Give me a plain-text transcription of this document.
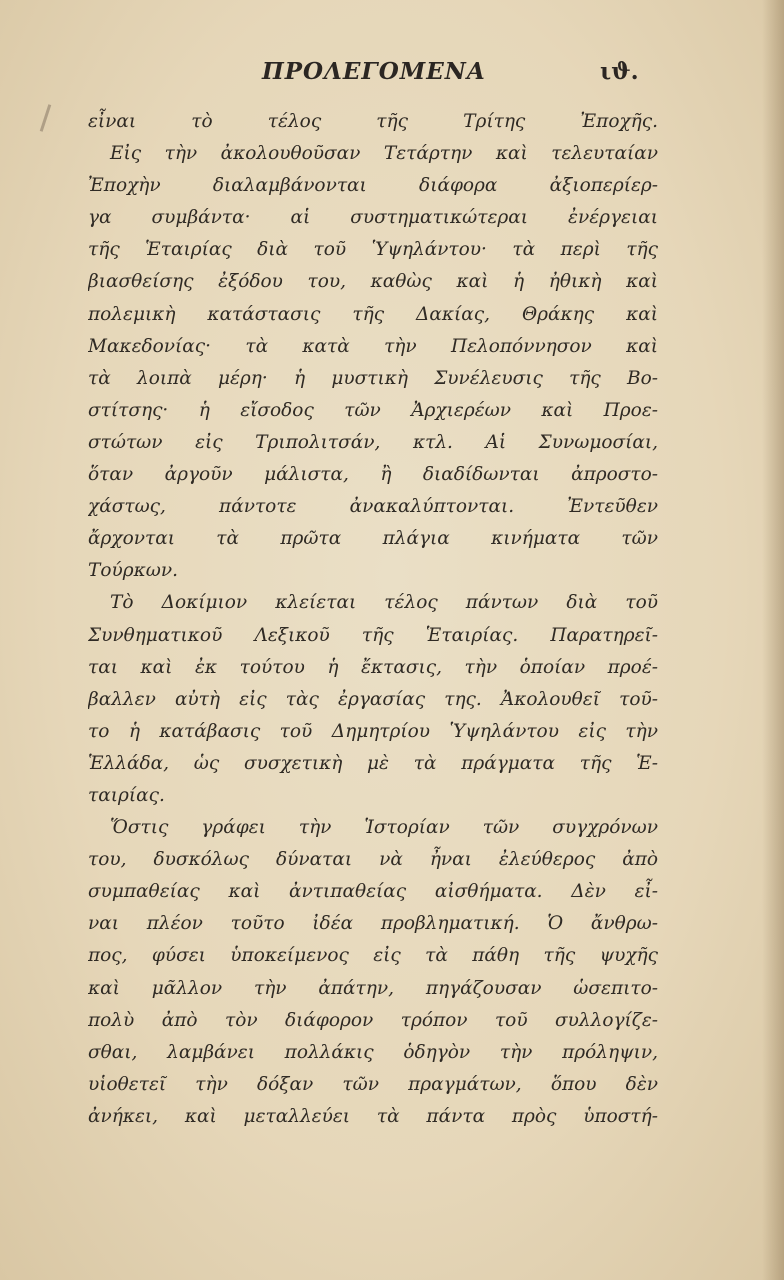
ΠΡΟΛΕΓΟΜΕΝΑ	ιϑ.
εἶναι τὸ τέλος τῆς Τρίτης Ἐποχῆς.
Εἰς τὴν ἀκολουθοῦσαν Τετάρτην καὶ τελευταίαν
Ἐποχὴν διαλαμβάνονται διάφορα ἀξιοπερίερ-
γα συμβάντα· αἱ συστηματικώτεραι ἐνέργειαι
τῆς Ἑταιρίας διὰ τοῦ Ὑψηλάντου· τὰ περὶ τῆς
βιασθείσης ἐξόδου του, καθὼς καὶ ἡ ἠθικὴ καὶ
πολεμικὴ κατάστασις τῆς Δακίας, Θράκης καὶ
Μακεδονίας· τὰ κατὰ τὴν Πελοπόννησον καὶ
τὰ λοιπὰ μέρη· ἡ μυστικὴ Συνέλευσις τῆς Βο-
στίτσης· ἡ εἴσοδος τῶν Ἀρχιερέων καὶ Προε-
στώτων εἰς Τριπολιτσάν, κτλ. Αἱ Συνωμοσίαι,
ὅταν ἀργοῦν μάλιστα, ἢ διαδίδωνται ἀπροστο-
χάστως, πάντοτε ἀνακαλύπτονται. Ἐντεῦθεν
ἄρχονται τὰ πρῶτα πλάγια κινήματα τῶν
Τούρκων.
Τὸ Δοκίμιον κλείεται τέλος πάντων διὰ τοῦ
Συνθηματικοῦ Λεξικοῦ τῆς Ἑταιρίας. Παρατηρεῖ-
ται καὶ ἐκ τούτου ἡ ἔκτασις, τὴν ὁποίαν προέ-
βαλλεν αὐτὴ εἰς τὰς ἐργασίας της. Ἀκολουθεῖ τοῦ-
το ἡ κατάβασις τοῦ Δημητρίου Ὑψηλάντου εἰς τὴν
Ἑλλάδα, ὡς συσχετικὴ μὲ τὰ πράγματα τῆς Ἑ-
ταιρίας.
Ὅστις γράφει τὴν Ἱστορίαν τῶν συγχρόνων
του, δυσκόλως δύναται νὰ ἦναι ἐλεύθερος ἀπὸ
συμπαθείας καὶ ἀντιπαθείας αἰσθήματα. Δὲν εἶ-
ναι πλέον τοῦτο ἰδέα προβληματική. Ὁ ἄνθρω-
πος, φύσει ὑποκείμενος εἰς τὰ πάθη τῆς ψυχῆς
καὶ μᾶλλον τὴν ἀπάτην, πηγάζουσαν ὡσεπιτο-
πολὺ ἀπὸ τὸν διάφορον τρόπον τοῦ συλλογίζε-
σθαι, λαμβάνει πολλάκις ὁδηγὸν τὴν πρόληψιν,
υἱοθετεῖ τὴν δόξαν τῶν πραγμάτων, ὅπου δὲν
ἀνήκει, καὶ μεταλλεύει τὰ πάντα πρὸς ὑποστή-
